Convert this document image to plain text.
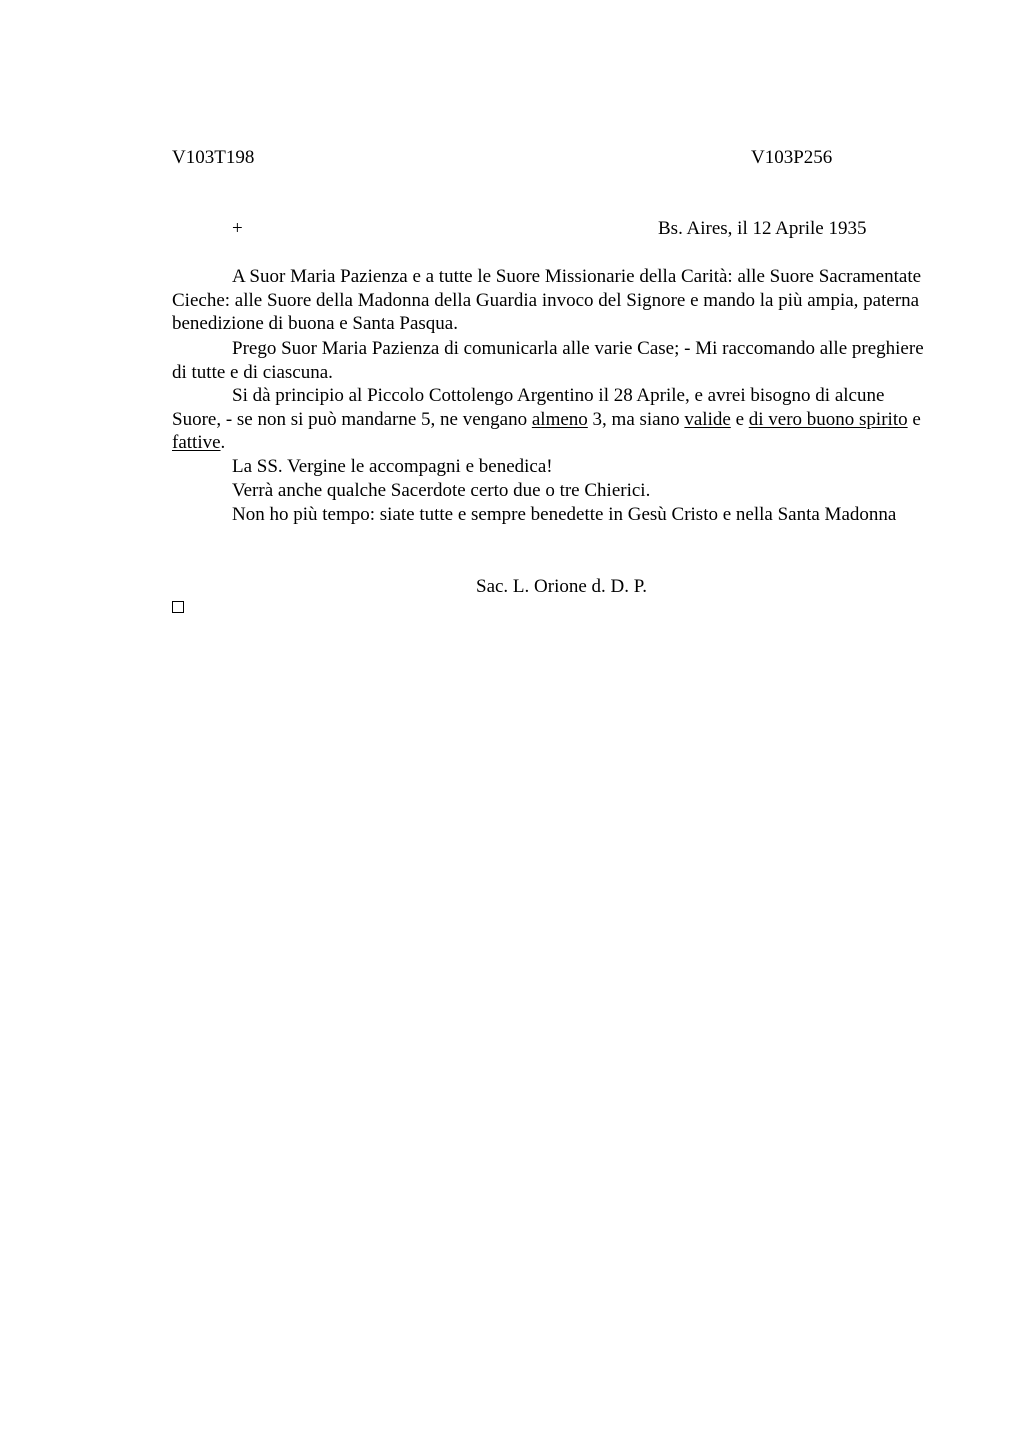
V103T198	V103P256
+	Bs. Aires, il 12 Aprile 1935
A Suor Maria Pazienza e a tutte le Suore Missionarie della Carità: alle Suore Sacramentate Cieche: alle Suore della Madonna della Guardia invoco del Signore e mando la più ampia, paterna benedizione di buona e Santa Pasqua.
Prego Suor Maria Pazienza di comunicarla alle varie Case; - Mi raccomando alle preghiere di tutte e di ciascuna.
Si dà principio al Piccolo Cottolengo Argentino il 28 Aprile, e avrei bisogno di alcune Suore, - se non si può mandarne 5, ne vengano almeno 3, ma siano valide e di vero buono spirito e fattive.
La SS. Vergine le accompagni e benedica!
Verrà anche qualche Sacerdote certo due o tre Chierici.
Non ho più tempo: siate tutte e sempre benedette in Gesù Cristo e nella Santa Madonna
Sac. L. Orione d. D. P.
